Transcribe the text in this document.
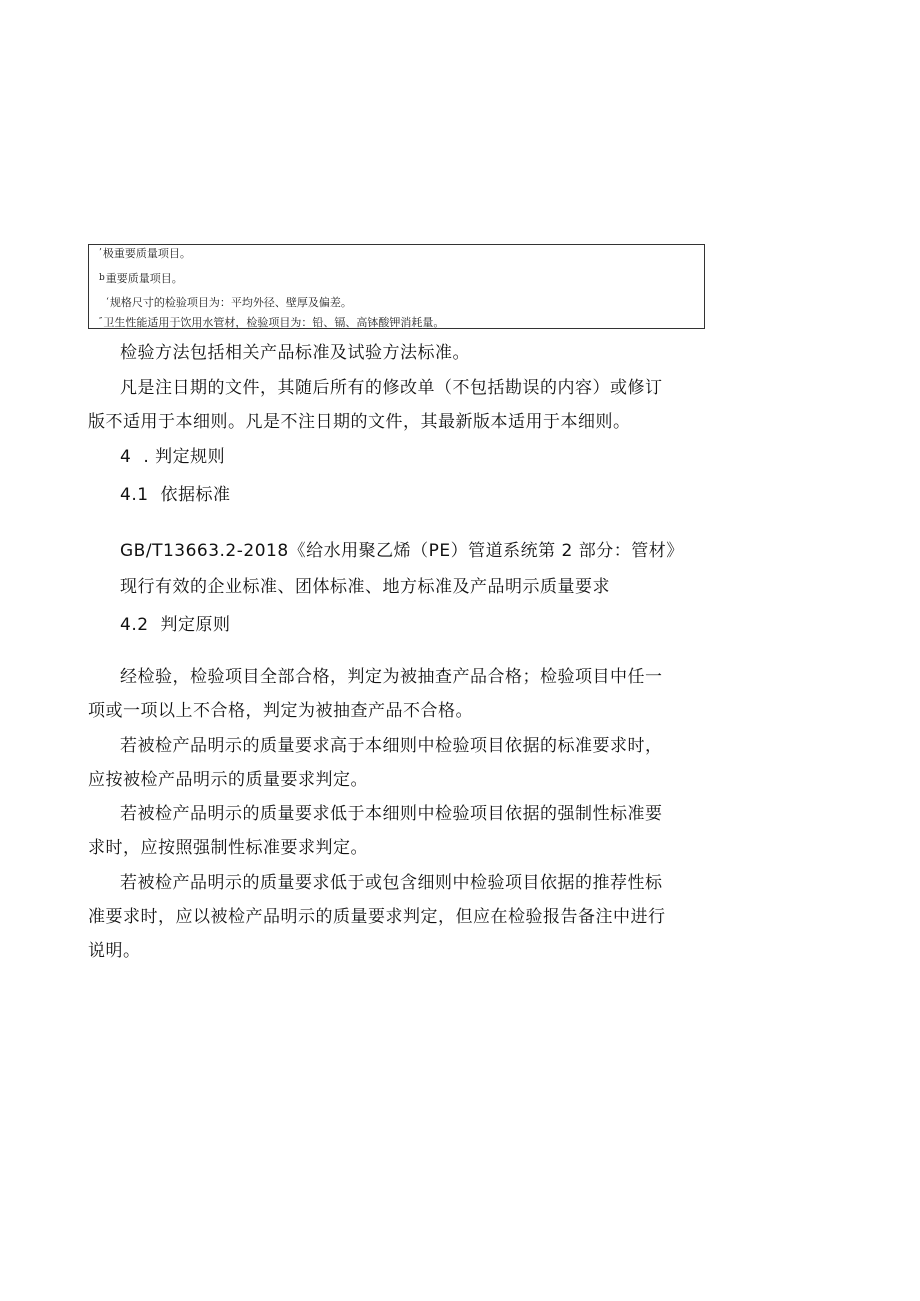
’极重要质量项目。
b重要质量项目。
‘规格尺寸的检验项目为：平均外径、壁厚及偏差。
″卫生性能适用于饮用水管材，检验项目为：铅、镉、高钵酸钾消耗量。
检验方法包括相关产品标准及试验方法标准。
凡是注日期的文件，其随后所有的修改单（不包括勘误的内容）或修订
版不适用于本细则。凡是不注日期的文件，其最新版本适用于本细则。
4 . 判定规则
4.1 依据标准
GB/T13663.2-2018《给水用聚乙烯（PE）管道系统第 2 部分：管材》
现行有效的企业标准、团体标准、地方标准及产品明示质量要求
4.2 判定原则
经检验，检验项目全部合格，判定为被抽查产品合格；检验项目中任一
项或一项以上不合格，判定为被抽查产品不合格。
若被检产品明示的质量要求高于本细则中检验项目依据的标准要求时，
应按被检产品明示的质量要求判定。
若被检产品明示的质量要求低于本细则中检验项目依据的强制性标准要
求时，应按照强制性标准要求判定。
若被检产品明示的质量要求低于或包含细则中检验项目依据的推荐性标
准要求时，应以被检产品明示的质量要求判定，但应在检验报告备注中进行
说明。
